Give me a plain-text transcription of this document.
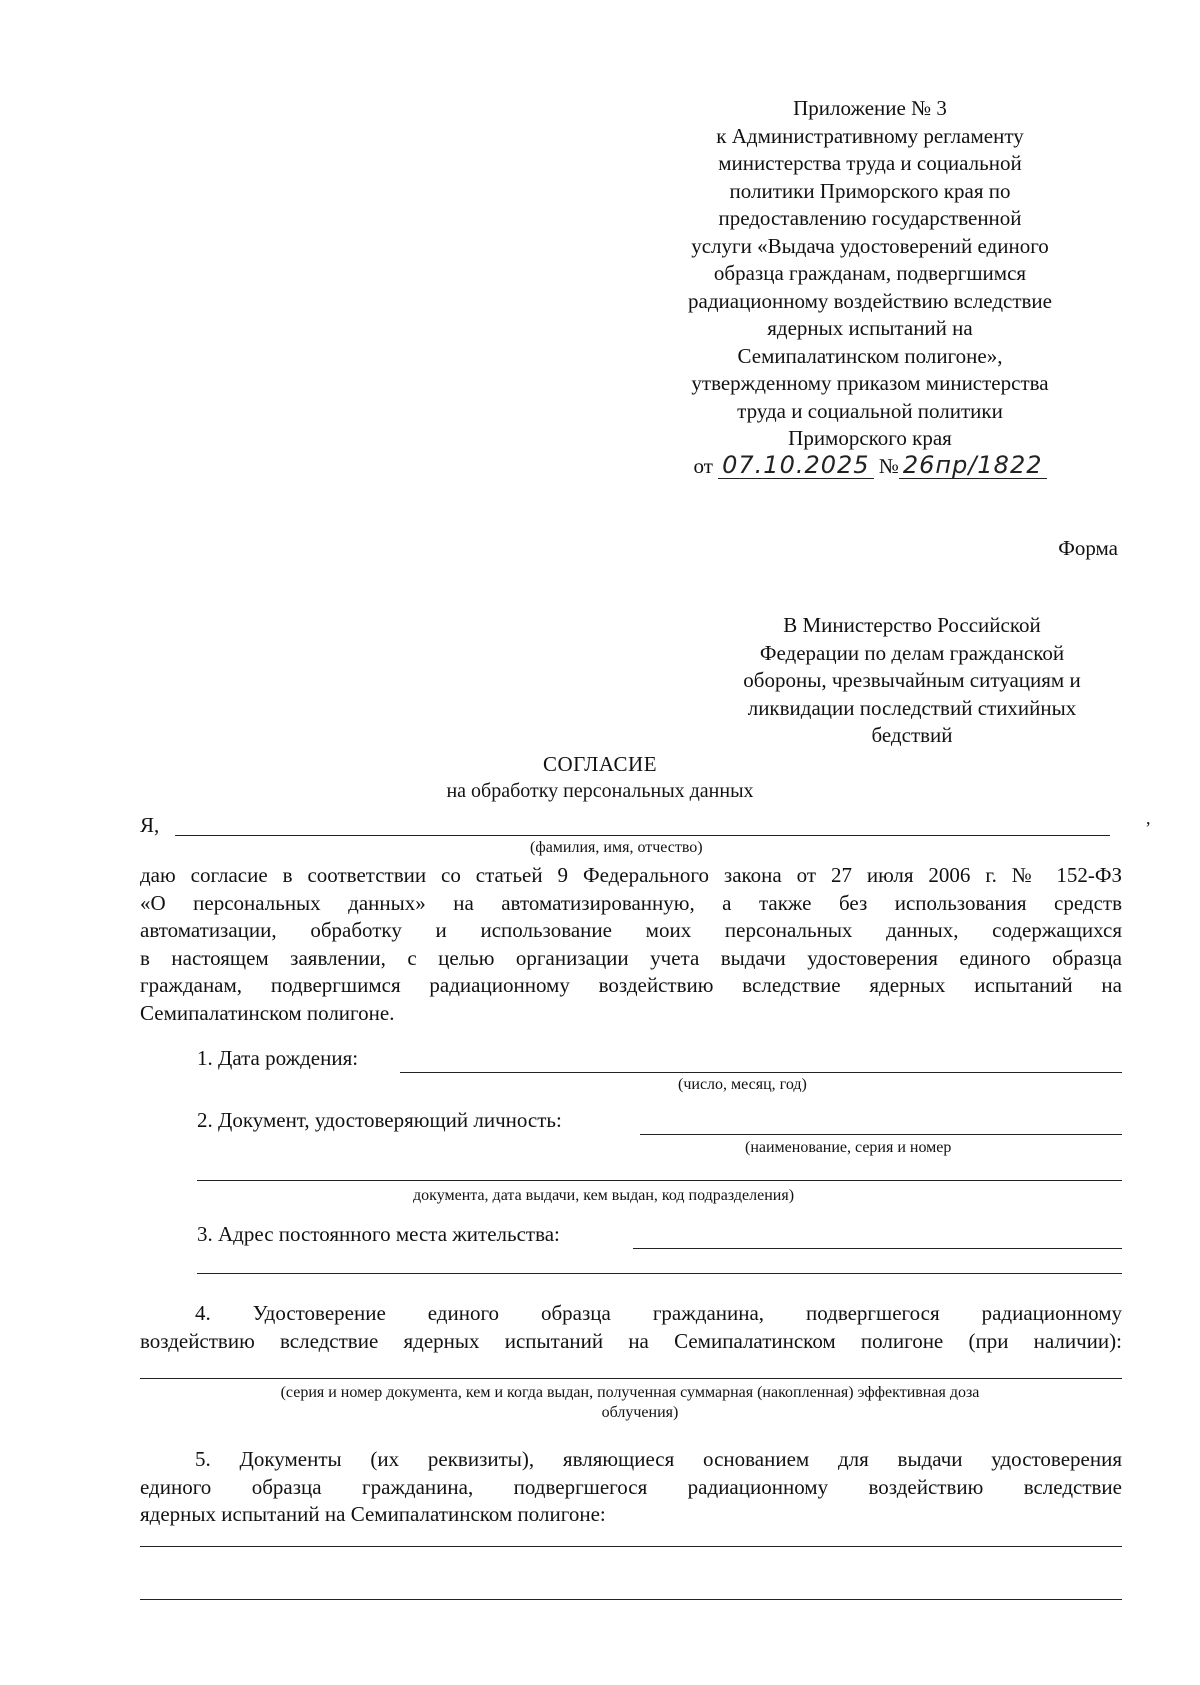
Приложение № 3
к Административному регламенту
министерства труда и социальной
политики Приморского края по
предоставлению государственной
услуги «Выдача удостоверений единого
образца гражданам, подвергшимся
радиационному воздействию вследствие
ядерных испытаний на
Семипалатинском полигоне»,
утвержденному приказом министерства
труда и социальной политики
Приморского края
от 07.10.2025 № 26пр/1822
Форма
В Министерство Российской
Федерации по делам гражданской
обороны, чрезвычайным ситуациям и
ликвидации последствий стихийных
бедствий
СОГЛАСИЕ
на обработку персональных данных
Я,	,
(фамилия, имя, отчество)
даю согласие в соответствии со статьей 9 Федерального закона от 27 июля 2006 г. № 152-ФЗ
«О персональных данных» на автоматизированную, а также без использования средств
автоматизации, обработку и использование моих персональных данных, содержащихся
в настоящем заявлении, с целью организации учета выдачи удостоверения единого образца
гражданам, подвергшимся радиационному воздействию вследствие ядерных испытаний на
Семипалатинском полигоне.
1. Дата рождения:
(число, месяц, год)
2. Документ, удостоверяющий личность:
(наименование, серия и номер
документа, дата выдачи, кем выдан, код подразделения)
3. Адрес постоянного места жительства:
4. Удостоверение единого образца гражданина, подвергшегося радиационному
воздействию вследствие ядерных испытаний на Семипалатинском полигоне (при наличии):
(серия и номер документа, кем и когда выдан, полученная суммарная (накопленная) эффективная доза
облучения)
5. Документы (их реквизиты), являющиеся основанием для выдачи удостоверения
единого образца гражданина, подвергшегося радиационному воздействию вследствие
ядерных испытаний на Семипалатинском полигоне:
